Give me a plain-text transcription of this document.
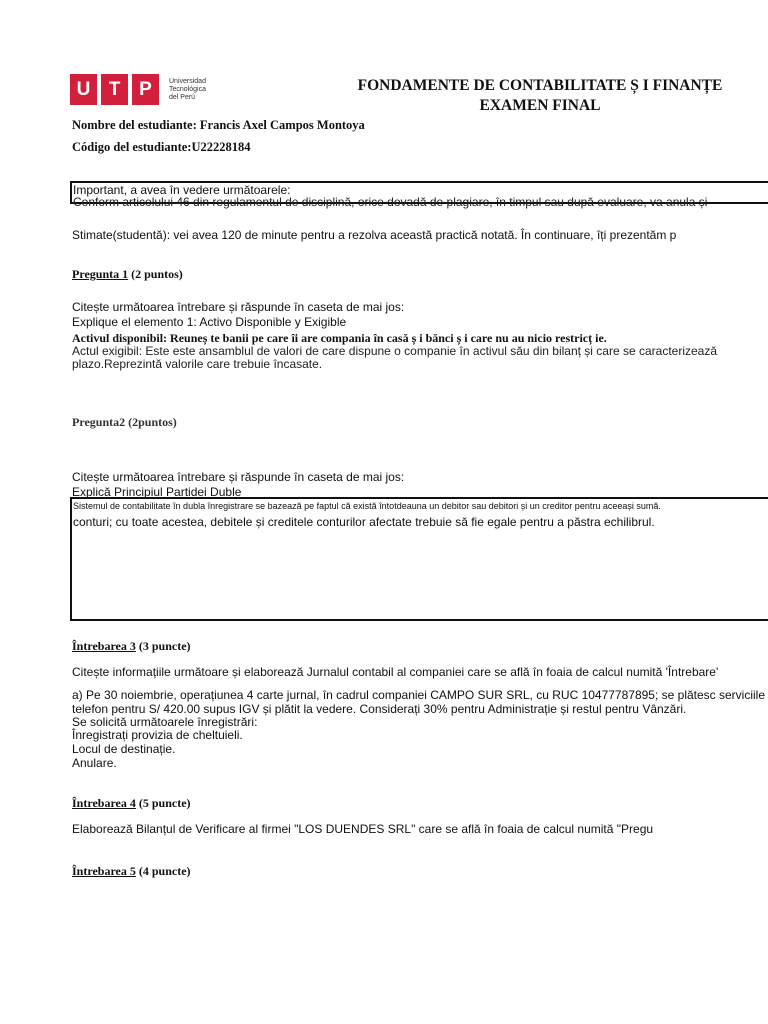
U T P	Universidad
Tecnológica
del Perú
FONDAMENTE DE CONTABILITATE Ș I FINANȚE
EXAMEN FINAL
Nombre del estudiante: Francis Axel Campos Montoya
Código del estudiante:U22228184
Important, a avea în vedere următoarele:
Conform articolului 46 din regulamentul de disciplină, orice dovadă de plagiare, în timpul sau după evaluare, va anula și
Stimate(studentă): vei avea 120 de minute pentru a rezolva această practică notată. În continuare, îți prezentăm p
Pregunta 1 (2 puntos)
Citește următoarea întrebare și răspunde în caseta de mai jos:
Explique el elemento 1: Activo Disponible y Exigible
Activul disponibil: Reuneș te banii pe care îi are compania în casă ș i bănci ș i care nu au nicio restricț ie.
Actul exigibil: Este este ansamblul de valori de care dispune o companie în activul său din bilanț și care se caracterizează
plazo.Reprezintă valorile care trebuie încasate.
Pregunta2 (2puntos)
Citește următoarea întrebare și răspunde în caseta de mai jos:
Explică Principiul Partidei Duble
Sistemul de contabilitate în dubla înregistrare se bazează pe faptul că există întotdeauna un debitor sau debitori și un creditor pentru aceeași sumă.
conturi; cu toate acestea, debitele și creditele conturilor afectate trebuie să fie egale pentru a păstra echilibrul.
Întrebarea 3 (3 puncte)
Citește informațiile următoare și elaborează Jurnalul contabil al companiei care se află în foaia de calcul numită 'Întrebare'
a) Pe 30 noiembrie, operațiunea 4 carte jurnal, în cadrul companiei CAMPO SUR SRL, cu RUC 10477787895; se plătesc serviciile
telefon pentru S/ 420.00 supus IGV și plătit la vedere. Considerați 30% pentru Administrație și restul pentru Vânzări.
Se solicită următoarele înregistrări:
Înregistrați provizia de cheltuieli.
Locul de destinație.
Anulare.
Întrebarea 4 (5 puncte)
Elaborează Bilanțul de Verificare al firmei "LOS DUENDES SRL" care se află în foaia de calcul numită "Pregu
Întrebarea 5 (4 puncte)
